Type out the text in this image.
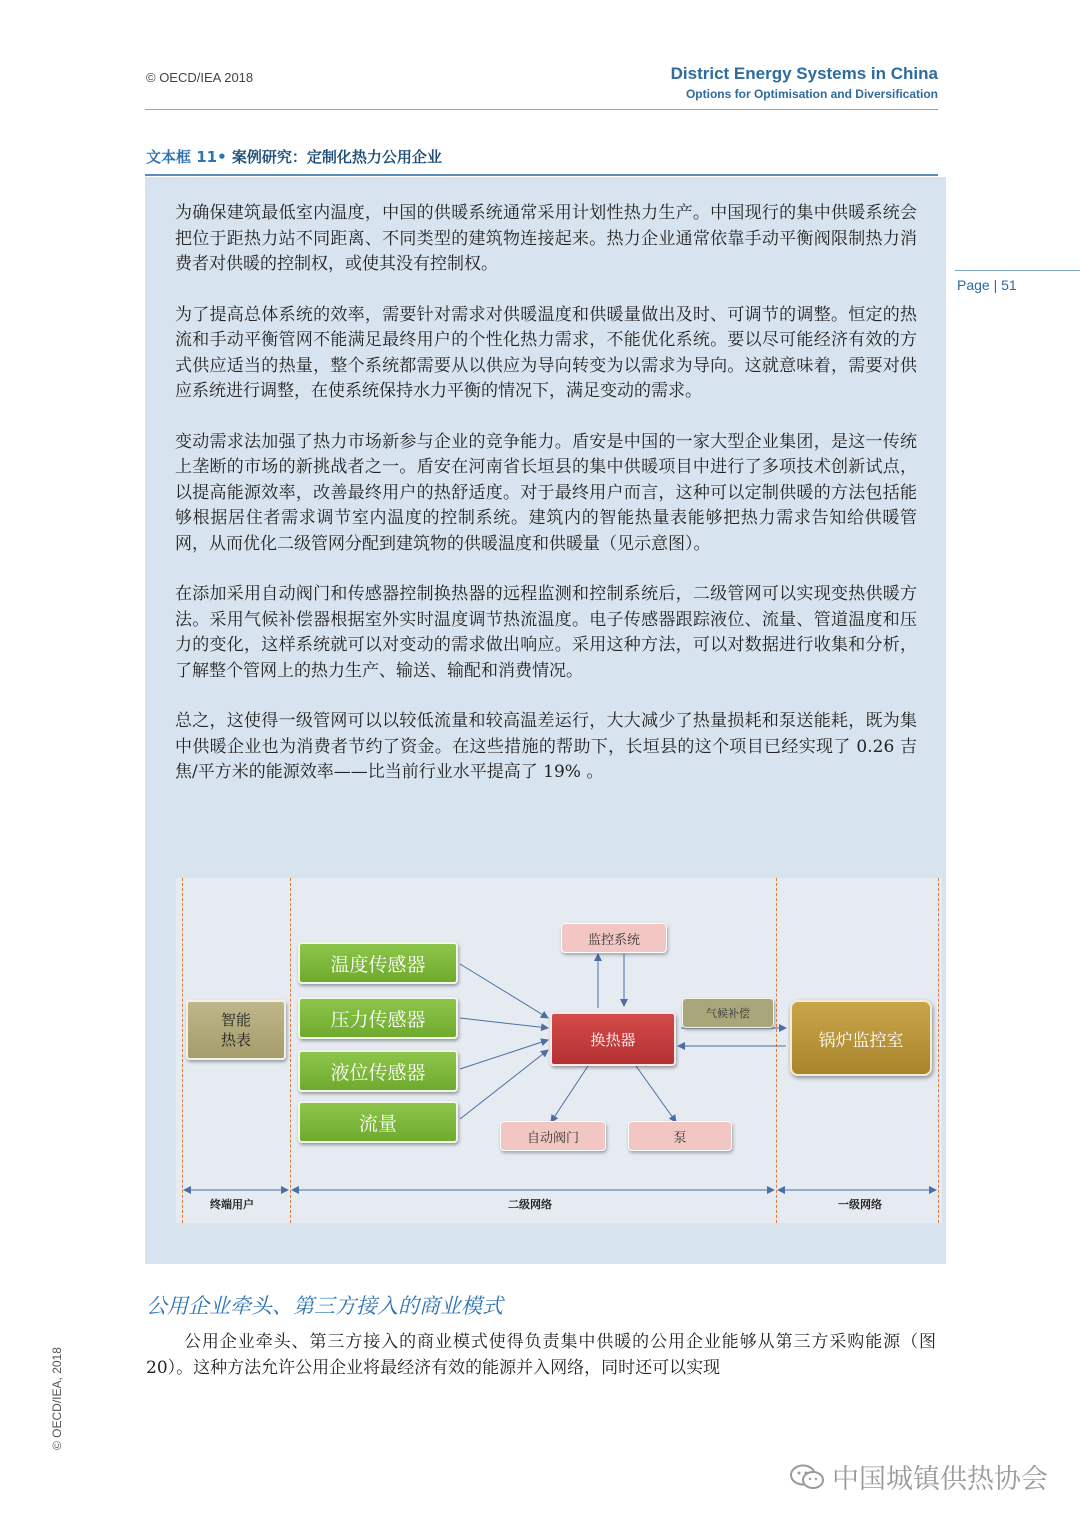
© OECD/IEA 2018	District Energy Systems in China
Options for Optimisation and Diversification
Page | 51
文本框 11• 案例研究：定制化热力公用企业

为确保建筑最低室内温度，中国的供暖系统通常采用计划性热力生产。中国现行的集中供暖系统会把位于距热力站不同距离、不同类型的建筑物连接起来。热力企业通常依靠手动平衡阀限制热力消费者对供暖的控制权，或使其没有控制权。

为了提高总体系统的效率，需要针对需求对供暖温度和供暖量做出及时、可调节的调整。恒定的热流和手动平衡管网不能满足最终用户的个性化热力需求，不能优化系统。要以尽可能经济有效的方式供应适当的热量，整个系统都需要从以供应为导向转变为以需求为导向。这就意味着，需要对供应系统进行调整，在使系统保持水力平衡的情况下，满足变动的需求。

变动需求法加强了热力市场新参与企业的竞争能力。盾安是中国的一家大型企业集团，是这一传统上垄断的市场的新挑战者之一。盾安在河南省长垣县的集中供暖项目中进行了多项技术创新试点，以提高能源效率，改善最终用户的热舒适度。对于最终用户而言，这种可以定制供暖的方法包括能够根据居住者需求调节室内温度的控制系统。建筑内的智能热量表能够把热力需求告知给供暖管网，从而优化二级管网分配到建筑物的供暖温度和供暖量（见示意图）。

在添加采用自动阀门和传感器控制换热器的远程监测和控制系统后，二级管网可以实现变热供暖方法。采用气候补偿器根据室外实时温度调节热流温度。电子传感器跟踪液位、流量、管道温度和压力的变化，这样系统就可以对变动的需求做出响应。采用这种方法，可以对数据进行收集和分析，了解整个管网上的热力生产、输送、输配和消费情况。

总之，这使得一级管网可以以较低流量和较高温差运行，大大减少了热量损耗和泵送能耗，既为集中供暖企业也为消费者节约了资金。在这些措施的帮助下，长垣县的这个项目已经实现了 0.26 吉焦/平方米的能源效率——比当前行业水平提高了 19% 。

智能
热表
温度传感器
压力传感器
液位传感器
流量
监控系统
换热器
气候补偿
锅炉监控室
自动阀门	泵
终端用户	二级网络	一级网络
公用企业牵头、第三方接入的商业模式
公用企业牵头、第三方接入的商业模式使得负责集中供暖的公用企业能够从第三方采购能源（图 20）。这种方法允许公用企业将最经济有效的能源并入网络，同时还可以实现
© OECD/IEA, 2018
中国城镇供热协会
